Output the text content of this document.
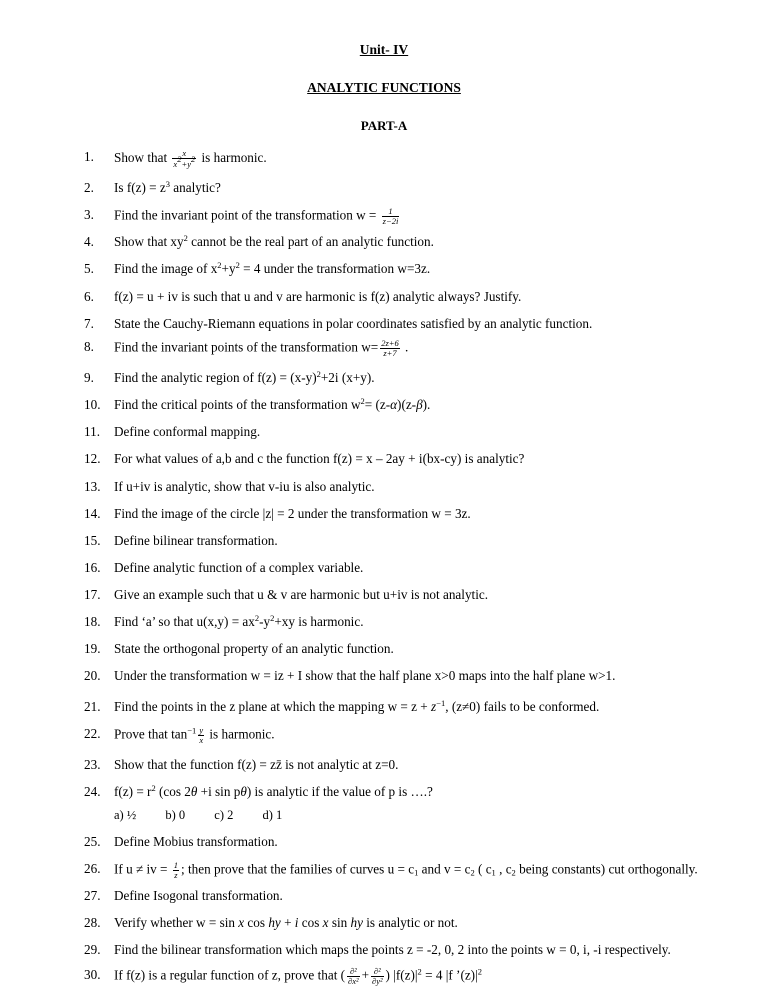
Unit- IV
ANALYTIC FUNCTIONS
PART-A
1. Show that $\frac{x}{x^2+y^2}$ is harmonic.
2. Is $f(z) = z^3$ analytic?
3. Find the invariant point of the transformation $w = \frac{1}{z-2i}$
4. Show that $xy^2$ cannot be the real part of an analytic function.
5. Find the image of $x^2+y^2 = 4$ under the transformation w=3z.
6. f(z) = u + iv is such that u and v are harmonic is f(z) analytic always? Justify.
7. State the Cauchy-Riemann equations in polar coordinates satisfied by an analytic function.
8. Find the invariant points of the transformation $w= \frac{2z+6}{z+7}$ .
9. Find the analytic region of $f(z) = (x-y)^2+2i$ (x+y).
10. Find the critical points of the transformation $w^2= (z-\alpha)(z-\beta)$.
11. Define conformal mapping.
12. For what values of a,b and c the function f(z) = x – 2ay + i(bx-cy) is analytic?
13. If u+iv is analytic, show that v-iu is also analytic.
14. Find the image of the circle |z| = 2 under the transformation w = 3z.
15. Define bilinear transformation.
16. Define analytic function of a complex variable.
17. Give an example such that u & v are harmonic but u+iv is not analytic.
18. Find ‘a’ so that $u(x,y) = ax^2-y^2+xy$ is harmonic.
19. State the orthogonal property of an analytic function.
20. Under the transformation w = iz + I show that the half plane x>0 maps into the half plane w>1.
21. Find the points in the z plane at which the mapping $w = z + z^{-1}$, (z≠0) fails to be conformed.
22. Prove that $\tan^{-1} \frac{y}{x}$ is harmonic.
23. Show that the function f(z) = zz̄ is not analytic at z=0.
24. $f(z) = r^2$ (cos 2θ +i sin pθ) is analytic if the value of p is ….?
a) ½ b) 0 c) 2 d) 1
25. Define Mobius transformation.
26. If u ≠ iv = $\frac{1}{z}$ ; then prove that the families of curves $u = c_1$ and $v = c_2$ ( $c_1$ , $c_2$ being constants) cut orthogonally.
27. Define Isogonal transformation.
28. Verify whether w = sin x cos hy + i cos x sin hy is analytic or not.
29. Find the bilinear transformation which maps the points z = -2, 0, 2 into the points w = 0, i, -i respectively.
30. If f(z) is a regular function of z, prove that ( $\frac{\text{∂²}}{\text{∂x²}} + \frac{\text{∂²}}{\text{∂y²}}$ ) $|f(z)|^2 = 4$ |f $’(z)|^2$
